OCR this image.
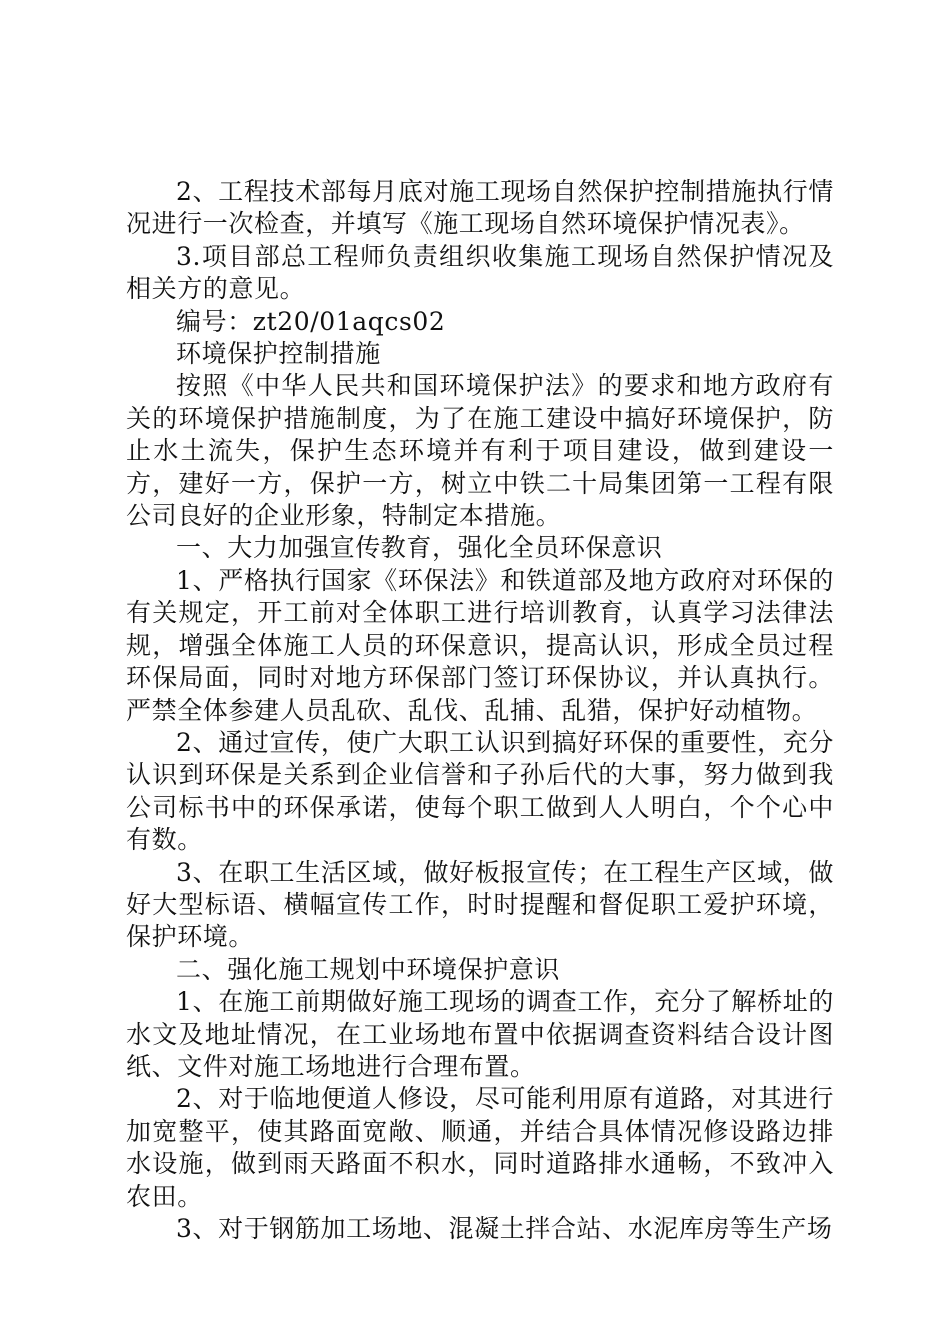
2、工程技术部每月底对施工现场自然保护控制措施执行情况进行一次检查，并填写《施工现场自然环境保护情况表》。

3.项目部总工程师负责组织收集施工现场自然保护情况及相关方的意见。

编号：zt20/01aqcs02

环境保护控制措施

按照《中华人民共和国环境保护法》的要求和地方政府有关的环境保护措施制度，为了在施工建设中搞好环境保护，防止水土流失，保护生态环境并有利于项目建设，做到建设一方，建好一方，保护一方，树立中铁二十局集团第一工程有限公司良好的企业形象，特制定本措施。

一、大力加强宣传教育，强化全员环保意识

1、严格执行国家《环保法》和铁道部及地方政府对环保的有关规定，开工前对全体职工进行培训教育，认真学习法律法规，增强全体施工人员的环保意识，提高认识，形成全员过程环保局面，同时对地方环保部门签订环保协议，并认真执行。严禁全体参建人员乱砍、乱伐、乱捕、乱猎，保护好动植物。

2、通过宣传，使广大职工认识到搞好环保的重要性，充分认识到环保是关系到企业信誉和子孙后代的大事，努力做到我公司标书中的环保承诺，使每个职工做到人人明白，个个心中有数。

3、在职工生活区域，做好板报宣传；在工程生产区域，做好大型标语、横幅宣传工作，时时提醒和督促职工爱护环境，保护环境。

二、强化施工规划中环境保护意识

1、在施工前期做好施工现场的调查工作，充分了解桥址的水文及地址情况，在工业场地布置中依据调查资料结合设计图纸、文件对施工场地进行合理布置。

2、对于临地便道人修设，尽可能利用原有道路，对其进行加宽整平，使其路面宽敞、顺通，并结合具体情况修设路边排水设施，做到雨天路面不积水，同时道路排水通畅，不致冲入农田。

3、对于钢筋加工场地、混凝土拌合站、水泥库房等生产场
